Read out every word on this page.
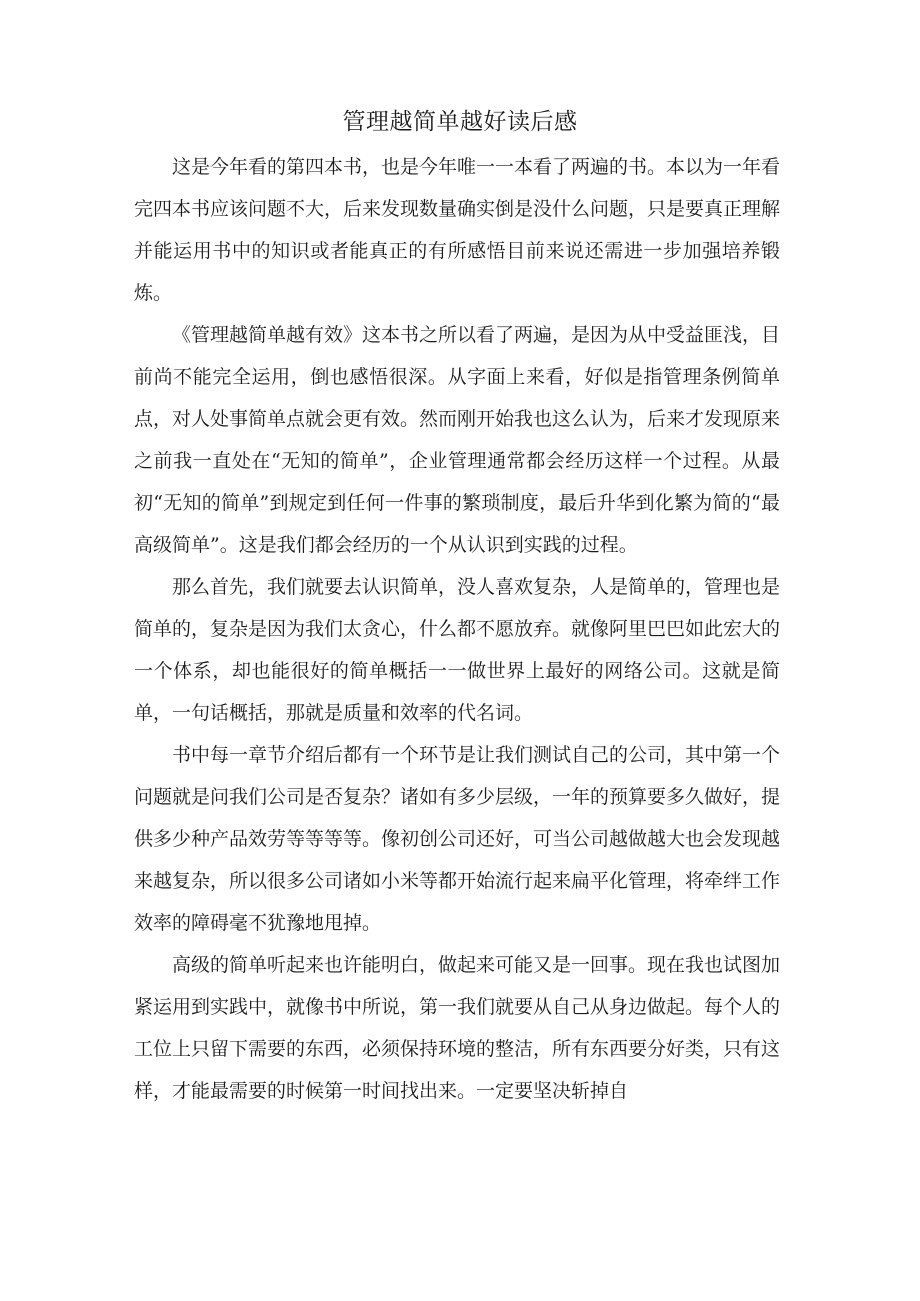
管理越简单越好读后感

这是今年看的第四本书，也是今年唯一一本看了两遍的书。本以为一年看完四本书应该问题不大，后来发现数量确实倒是没什么问题，只是要真正理解并能运用书中的知识或者能真正的有所感悟目前来说还需进一步加强培养锻炼。

《管理越简单越有效》这本书之所以看了两遍，是因为从中受益匪浅，目前尚不能完全运用，倒也感悟很深。从字面上来看，好似是指管理条例简单点，对人处事简单点就会更有效。然而刚开始我也这么认为，后来才发现原来之前我一直处在“无知的简单”，企业管理通常都会经历这样一个过程。从最初“无知的简单”到规定到任何一件事的繁琐制度，最后升华到化繁为简的“最高级简单”。这是我们都会经历的一个从认识到实践的过程。

那么首先，我们就要去认识简单，没人喜欢复杂，人是简单的，管理也是简单的，复杂是因为我们太贪心，什么都不愿放弃。就像阿里巴巴如此宏大的一个体系，却也能很好的简单概括一一做世界上最好的网络公司。这就是简单，一句话概括，那就是质量和效率的代名词。

书中每一章节介绍后都有一个环节是让我们测试自己的公司，其中第一个问题就是问我们公司是否复杂？诸如有多少层级，一年的预算要多久做好，提供多少种产品效劳等等等等。像初创公司还好，可当公司越做越大也会发现越来越复杂，所以很多公司诸如小米等都开始流行起来扁平化管理，将牵绊工作效率的障碍毫不犹豫地甩掉。

高级的简单听起来也许能明白，做起来可能又是一回事。现在我也试图加紧运用到实践中，就像书中所说，第一我们就要从自己从身边做起。每个人的工位上只留下需要的东西，必须保持环境的整洁，所有东西要分好类，只有这样，才能最需要的时候第一时间找出来。一定要坚决斩掉自
